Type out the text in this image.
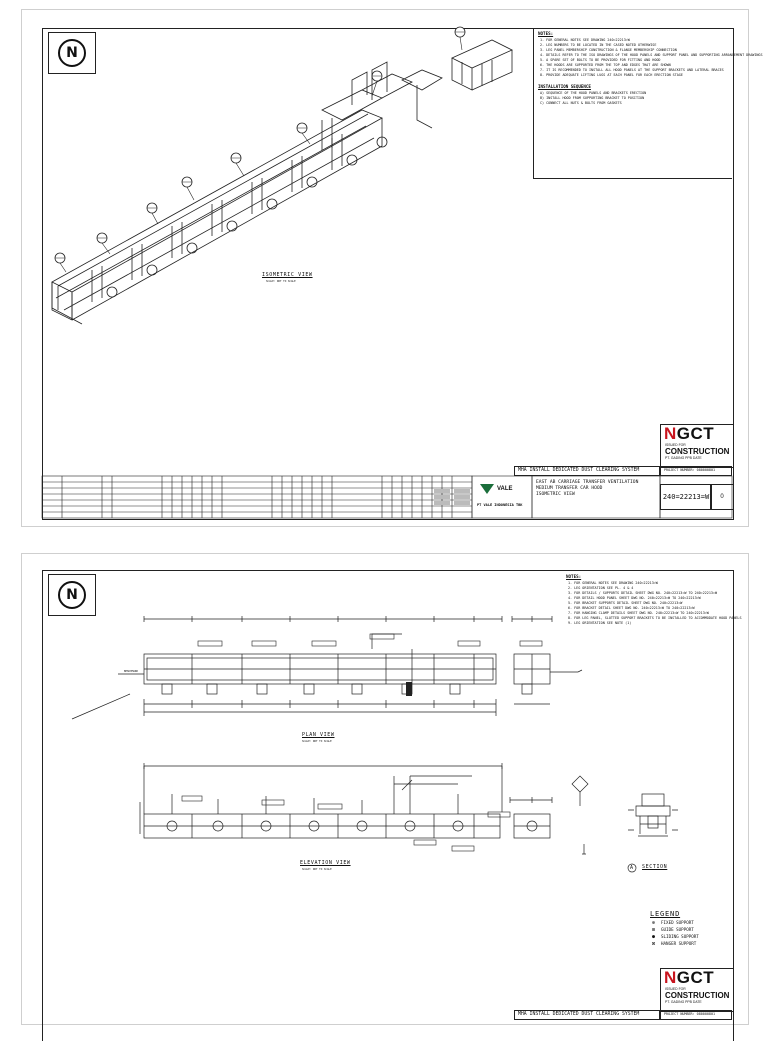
N
NOTES:
1. FOR GENERAL NOTES SEE DRAWING 240=22213=W
2. LEG NUMBERS TO BE LOCATED IN THE CASED NOTED OTHERWISE
3. LEG PANEL MEMBERSHIP CONSTRUCTION & FLANGE MEMBERSHIP CONNECTION
4. DETAILS REFER TO THE ISO DRAWINGS OF THE HOOD PANELS AND SUPPORT PANEL AND SUPPORTING ARRANGEMENT DRAWINGS
5. A SPARE SET OF BOLTS TO BE PROVIDED FOR FITTING AND HOOD
6. THE HOODS ARE SUPPORTED FROM THE TOP AND EDGES THAT ARE SHOWN
7. IT IS RECOMMENDED TO INSTALL ALL HOOD PANELS AT THE SUPPORT BRACKETS AND LATERAL BRACES
8. PROVIDE ADEQUATE LIFTING LUGS AT EACH PANEL FOR EACH ERECTION STAGE
INSTALLATION SEQUENCE
A) SEQUENCE OF THE HOOD PANELS AND BRACKETS ERECTION
B) INSTALL HOOD FROM SUPPORTING BRACKET TO POSITION
C) CONNECT ALL NUTS & BOLTS FROM GASKETS
ISOMETRIC VIEW
SCALE: NOT TO SCALE
NGCT
ISSUED FOR
CONSTRUCTION
PT. GADING PPB DATE
MHA INSTALL DEDICATED DUST CLEARING SYSTEM	PROJECT NUMBER: 080000801
VALE
PT VALE INDONESIA TBK
EAST AB CARRIAGE TRANSFER VENTILATION
MEDIUM TRANSFER CAR HOOD
ISOMETRIC VIEW	240=22213=W	0
N
NOTES:
1. FOR GENERAL NOTES SEE DRAWING 240=22213=W
2. LEG ORIENTATION SEE PL. 4 & 4
3. FOR DETAILS / SUPPORTS DETAIL SHEET DWG NO. 240=22213=W TO 240=22213=W
4. FOR DETAIL HOOD PANEL SHEET DWG NO. 240=22213=W TO 240=22213=W
5. FOR BRACKET SUPPORTS DETAIL SHEET DWG NO. 240=22213=W
6. FOR BRACKET DETAIL SHEET DWG NO. 240=22213=W TO 240=22213=W
7. FOR HANGING CLAMP DETAILS SHEET DWG NO. 240=22213=W TO 240=22213=W
8. FOR LEG PANEL, SLOTTED SUPPORT BRACKETS TO BE INSTALLED TO ACCOMMODATE HOOD PANELS
9. LEG ORIENTATION SEE NOTE (1)
PLAN VIEW
SCALE: NOT TO SCALE
BENCHMARK
A SECTION
ELEVATION VIEW
SCALE: NOT TO SCALE
LEGEND
⊕ FIXED SUPPORT
⊞ GUIDE SUPPORT
● SLIDING SUPPORT
⊠ HANGER SUPPORT
NGCT
ISSUED FOR
CONSTRUCTION
PT. GADING PPB DATE
MHA INSTALL DEDICATED DUST CLEARING SYSTEM	PROJECT NUMBER: 080000801
